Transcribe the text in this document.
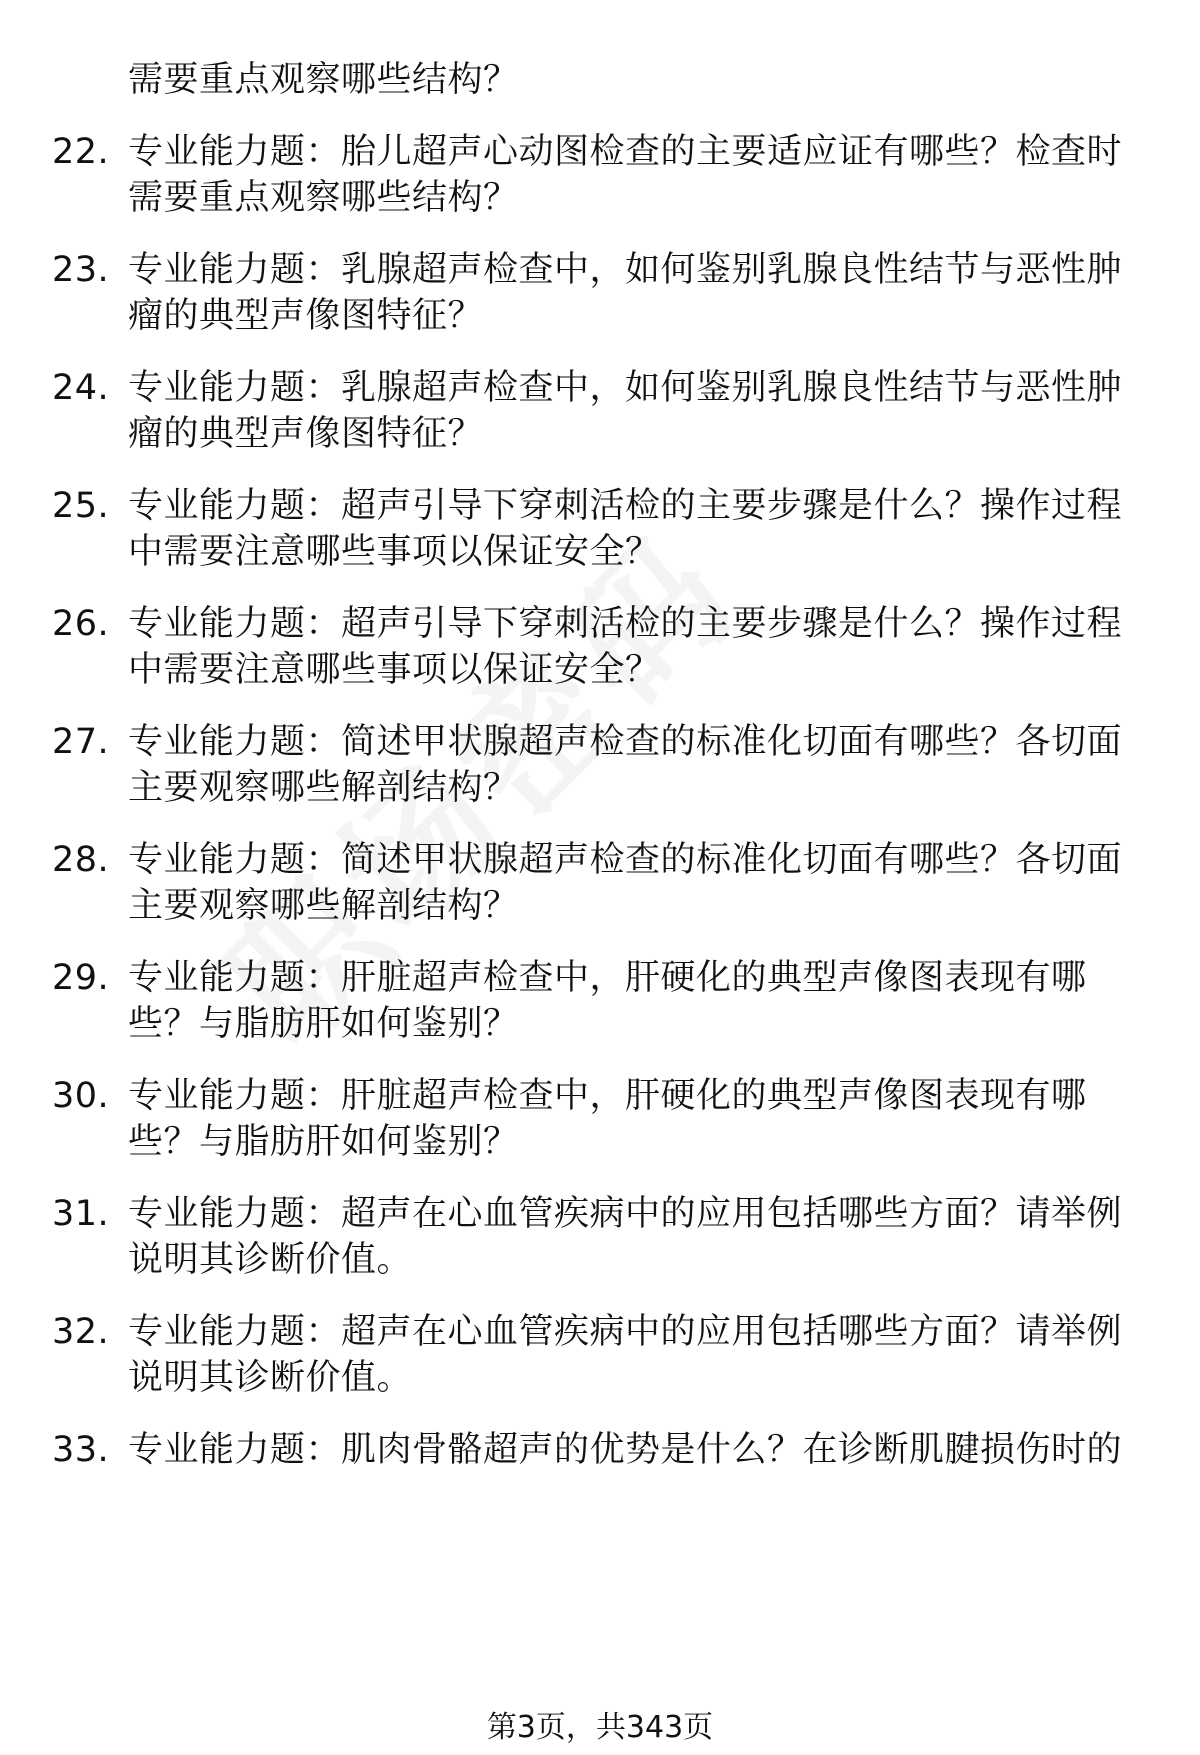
需要重点观察哪些结构？
22. 专业能力题：胎儿超声心动图检查的主要适应证有哪些？检查时
需要重点观察哪些结构？
23. 专业能力题：乳腺超声检查中，如何鉴别乳腺良性结节与恶性肿
瘤的典型声像图特征？
24. 专业能力题：乳腺超声检查中，如何鉴别乳腺良性结节与恶性肿
瘤的典型声像图特征？
25. 专业能力题：超声引导下穿刺活检的主要步骤是什么？操作过程
中需要注意哪些事项以保证安全？
26. 专业能力题：超声引导下穿刺活检的主要步骤是什么？操作过程
中需要注意哪些事项以保证安全？
27. 专业能力题：简述甲状腺超声检查的标准化切面有哪些？各切面
主要观察哪些解剖结构？
28. 专业能力题：简述甲状腺超声检查的标准化切面有哪些？各切面
主要观察哪些解剖结构？
29. 专业能力题：肝脏超声检查中，肝硬化的典型声像图表现有哪
些？与脂肪肝如何鉴别？
30. 专业能力题：肝脏超声检查中，肝硬化的典型声像图表现有哪
些？与脂肪肝如何鉴别？
31. 专业能力题：超声在心血管疾病中的应用包括哪些方面？请举例
说明其诊断价值。
32. 专业能力题：超声在心血管疾病中的应用包括哪些方面？请举例
说明其诊断价值。
33. 专业能力题：肌肉骨骼超声的优势是什么？在诊断肌腱损伤时的
第3页，共343页
